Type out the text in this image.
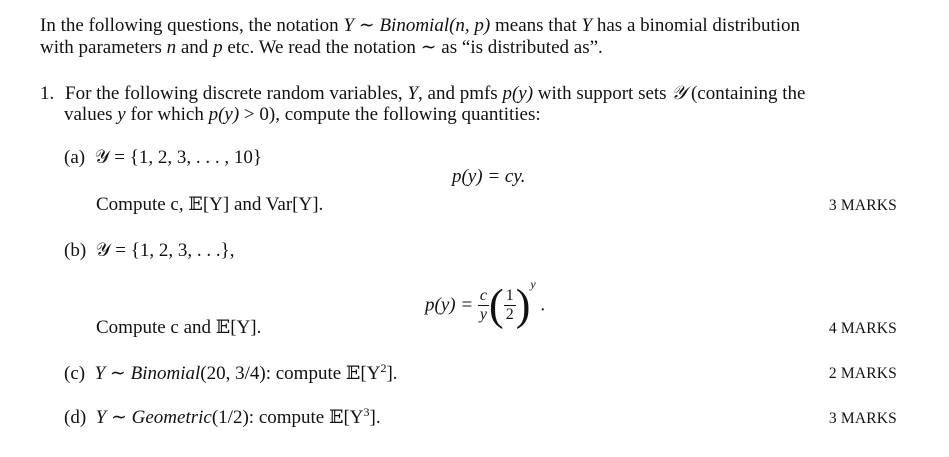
In the following questions, the notation Y ∼ Binomial(n, p) means that Y has a binomial distribution
with parameters n and p etc. We read the notation ∼ as “is distributed as”.
1. For the following discrete random variables, Y, and pmfs p(y) with support sets 𝒴 (containing the
values y for which p(y) > 0), compute the following quantities:
(a) 𝒴 = {1, 2, 3, . . . , 10}
p(y) = cy.
Compute c, 𝔼[Y] and Var[Y].	3 MARKS
(b) 𝒴 = {1, 2, 3, . . .},
$p(y) = \frac{c}{y}$ ( $\frac{1}{2} )^y$ .
Compute c and 𝔼[Y].	4 MARKS
(c) Y ∼ Binomial(20, 3/4): compute $𝔼[Y^2]$.	2 MARKS
(d) Y ∼ Geometric(1/2): compute $𝔼[Y^3]$.	3 MARKS
